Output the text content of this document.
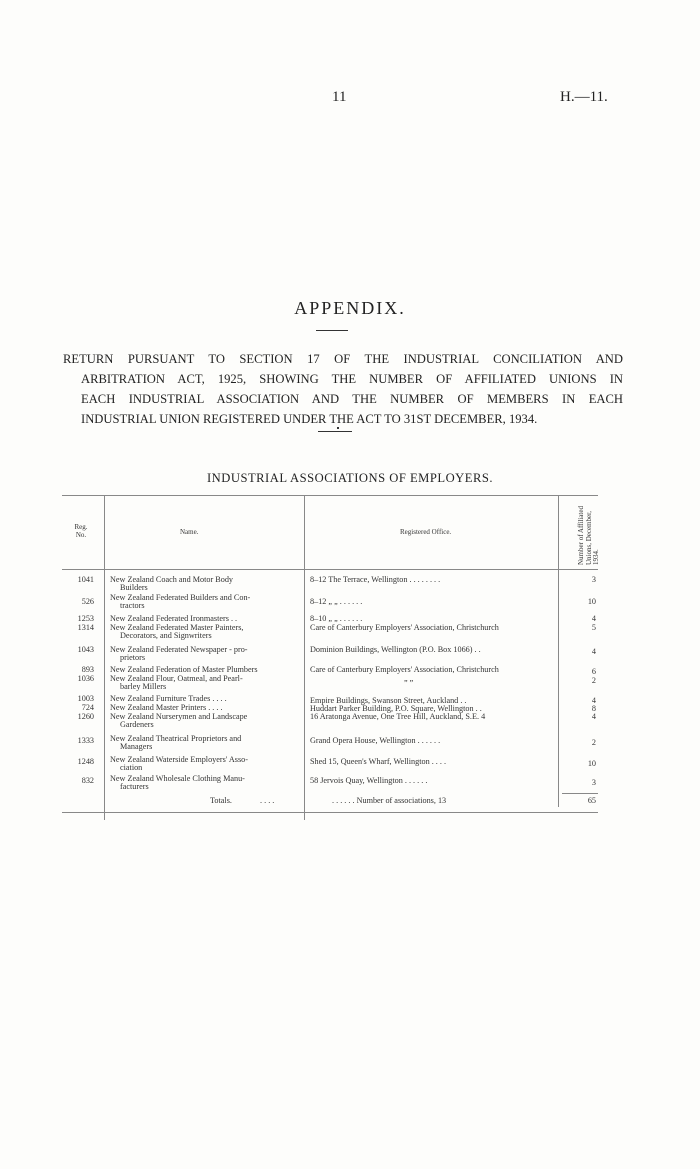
11	H.—11.
APPENDIX.
RETURN PURSUANT TO SECTION 17 OF THE INDUSTRIAL CONCILIATION AND
ARBITRATION ACT, 1925, SHOWING THE NUMBER OF AFFILIATED UNIONS IN
EACH INDUSTRIAL ASSOCIATION AND THE NUMBER OF MEMBERS IN EACH
INDUSTRIAL UNION REGISTERED UNDER THE ACT TO 31ST DECEMBER, 1934.
INDUSTRIAL ASSOCIATIONS OF EMPLOYERS.
Reg.
No.	Name.	Registered Office.	Number of Affiliated Unions, December, 1934.
1041 New Zealand Coach and Motor Body
Builders
8–12 The Terrace, Wellington . . . . . . . .	3
526 New Zealand Federated Builders and Con-
tractors	8–12 „ „ . . . . . .	10
1253 New Zealand Federated Ironmasters . .	8–10 „ „ . . . . . .	4
1314 New Zealand Federated Master Painters,
Decorators, and Signwriters
Care of Canterbury Employers' Association, Christchurch	5
1043 New Zealand Federated Newspaper - pro-
prietors
Dominion Buildings, Wellington (P.O. Box 1066) . .	4
893 New Zealand Federation of Master Plumbers	Care of Canterbury Employers' Association, Christchurch	6
1036 New Zealand Flour, Oatmeal, and Pearl-
barley Millers
„ „	2
1003 New Zealand Furniture Trades . . . .	Empire Buildings, Swanson Street, Auckland . .	4
724 New Zealand Master Printers . . . .	Huddart Parker Building, P.O. Square, Wellington . .	8
1260 New Zealand Nurserymen and Landscape
Gardeners
16 Aratonga Avenue, One Tree Hill, Auckland, S.E. 4	4
1333 New Zealand Theatrical Proprietors and
Managers
Grand Opera House, Wellington . . . . . .	2
1248 New Zealand Waterside Employers' Asso-
ciation
Shed 15, Queen's Wharf, Wellington . . . .	10
832 New Zealand Wholesale Clothing Manu-
facturers
58 Jervois Quay, Wellington . . . . . .	3
Totals.	. . . .	. . . . . . Number of associations, 13	65
